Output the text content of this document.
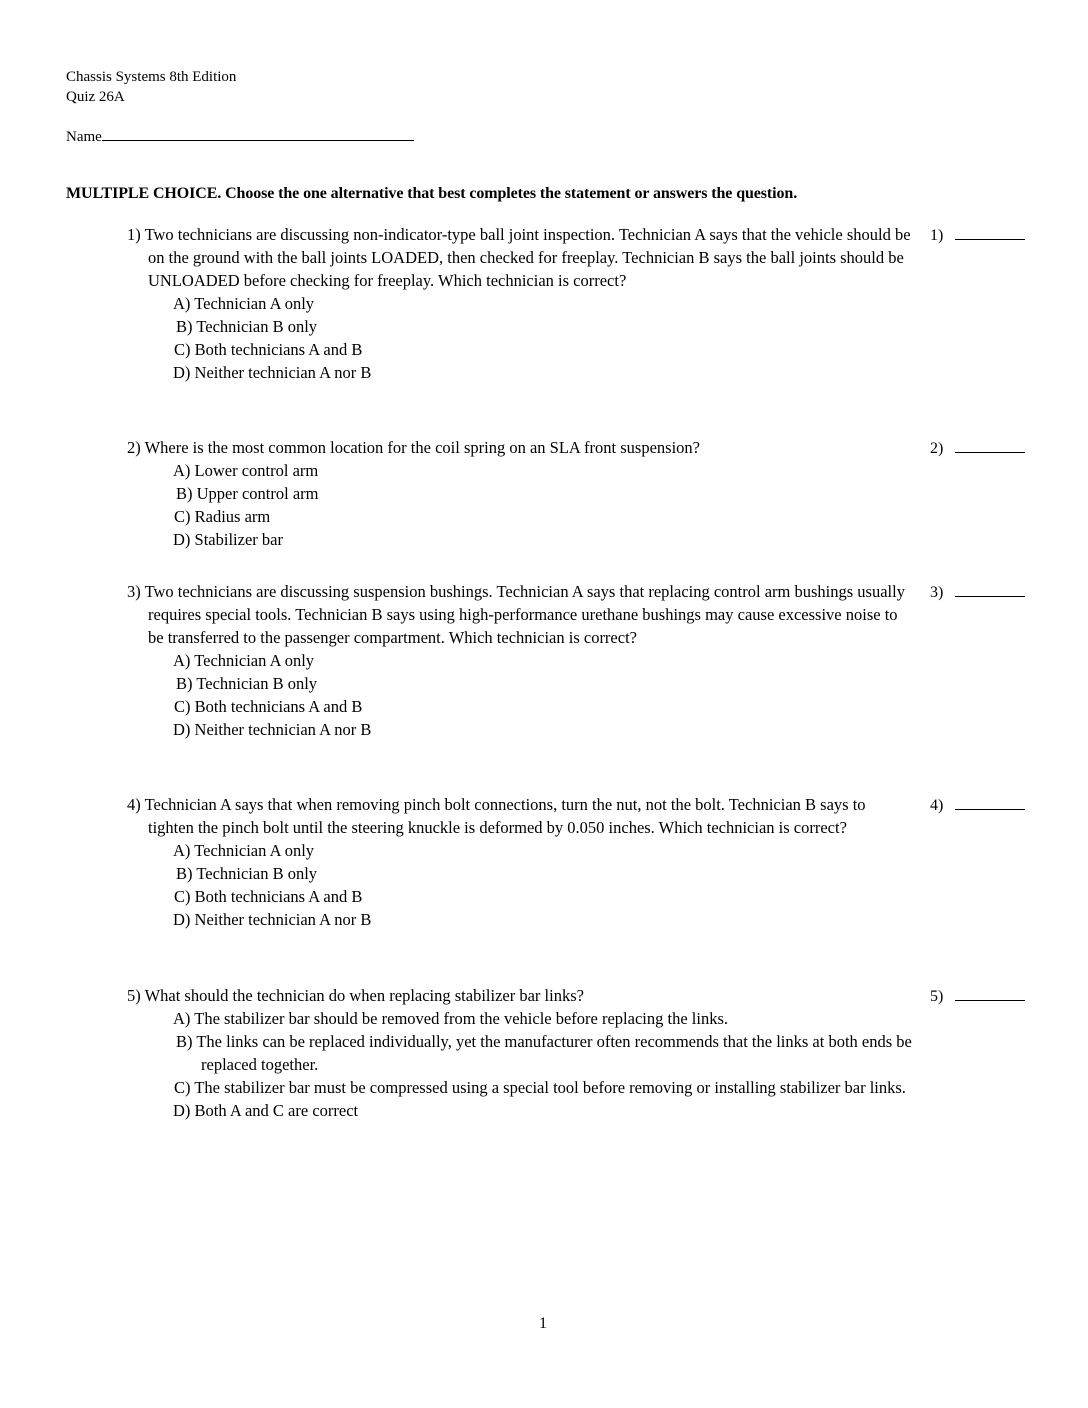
Chassis Systems 8th Edition
Quiz 26A
Name
MULTIPLE CHOICE. Choose the one alternative that best completes the statement or answers the question.
1) Two technicians are discussing non-indicator-type ball joint inspection. Technician A says that the vehicle should be on the ground with the ball joints LOADED, then checked for freeplay. Technician B says the ball joints should be UNLOADED before checking for freeplay. Which technician is correct?
A) Technician A only
B) Technician B only
C) Both technicians A and B
D) Neither technician A nor B
1)
2) Where is the most common location for the coil spring on an SLA front suspension?
A) Lower control arm
B) Upper control arm
C) Radius arm
D) Stabilizer bar
2)
3) Two technicians are discussing suspension bushings. Technician A says that replacing control arm bushings usually requires special tools. Technician B says using high-performance urethane bushings may cause excessive noise to be transferred to the passenger compartment. Which technician is correct?
A) Technician A only
B) Technician B only
C) Both technicians A and B
D) Neither technician A nor B
3)
4) Technician A says that when removing pinch bolt connections, turn the nut, not the bolt. Technician B says to tighten the pinch bolt until the steering knuckle is deformed by 0.050 inches. Which technician is correct?
A) Technician A only
B) Technician B only
C) Both technicians A and B
D) Neither technician A nor B
4)
5) What should the technician do when replacing stabilizer bar links?
A) The stabilizer bar should be removed from the vehicle before replacing the links.
B) The links can be replaced individually, yet the manufacturer often recommends that the links at both ends be replaced together.
C) The stabilizer bar must be compressed using a special tool before removing or installing stabilizer bar links.
D) Both A and C are correct
5)
1
